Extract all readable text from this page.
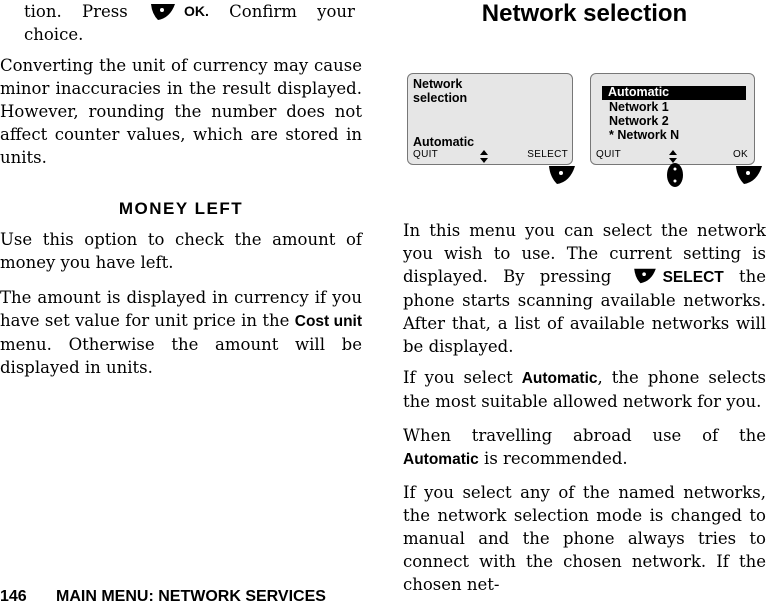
tion. Press	OK. Confirm your
choice.

Converting the unit of currency may cause minor inaccuracies in the result displayed. However, rounding the number does not affect counter values, which are stored in units.

MONEY LEFT

Use this option to check the amount of money you have left.

The amount is displayed in currency if you have set value for unit price in the Cost unit menu. Otherwise the amount will be displayed in units.

Network selection
Network
selection
Automatic
QUIT	SELECT
Automatic
Network 1
Network 2
* Network N
QUIT	OK

In this menu you can select the network you wish to use. The current setting is displayed. By pressing SELECT the phone starts scanning available networks. After that, a list of available networks will be displayed.

If you select Automatic, the phone selects the most suitable allowed network for you.

When travelling abroad use of the Automatic is recommended.

If you select any of the named networks, the network selection mode is changed to manual and the phone always tries to connect with the chosen network. If the chosen net-

146 MAIN MENU: NETWORK SERVICES
